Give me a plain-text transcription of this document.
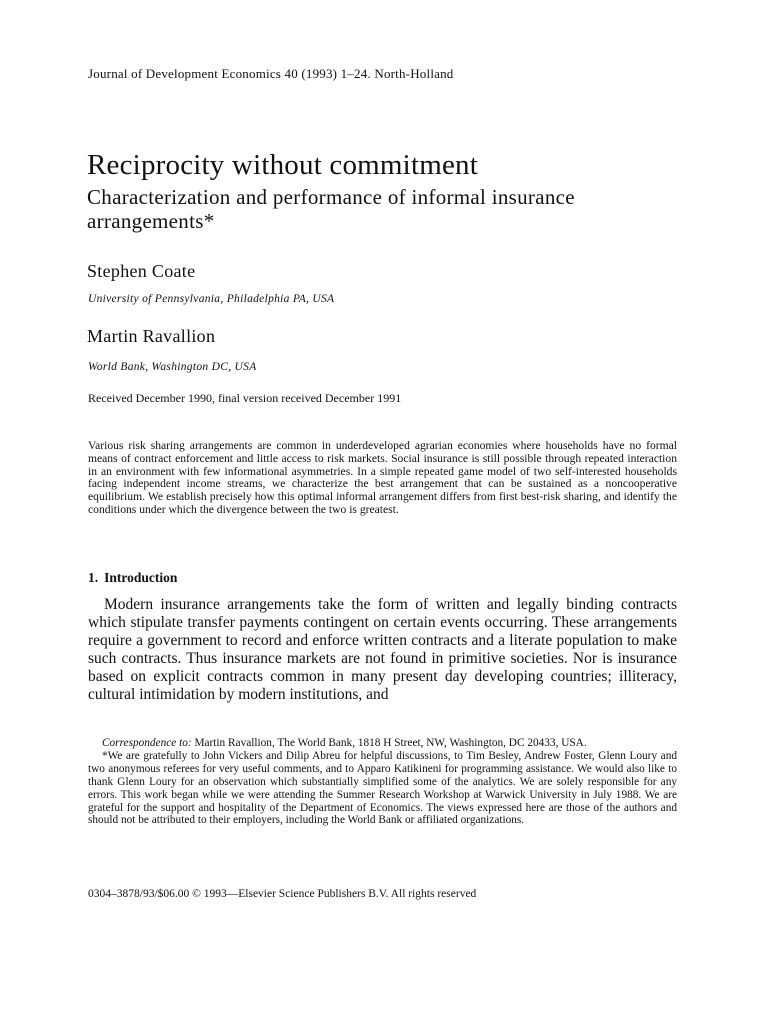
Journal of Development Economics 40 (1993) 1–24. North-Holland
Reciprocity without commitment
Characterization and performance of informal insurance arrangements*
Stephen Coate
University of Pennsylvania, Philadelphia PA, USA
Martin Ravallion
World Bank, Washington DC, USA
Received December 1990, final version received December 1991
Various risk sharing arrangements are common in underdeveloped agrarian economies where households have no formal means of contract enforcement and little access to risk markets. Social insurance is still possible through repeated interaction in an environment with few informational asymmetries. In a simple repeated game model of two self-interested households facing independent income streams, we characterize the best arrangement that can be sustained as a noncooperative equilibrium. We establish precisely how this optimal informal arrangement differs from first best-risk sharing, and identify the conditions under which the divergence between the two is greatest.
1. Introduction
Modern insurance arrangements take the form of written and legally binding contracts which stipulate transfer payments contingent on certain events occurring. These arrangements require a government to record and enforce written contracts and a literate population to make such contracts. Thus insurance markets are not found in primitive societies. Nor is insurance based on explicit contracts common in many present day developing countries; illiteracy, cultural intimidation by modern institutions, and

Correspondence to: Martin Ravallion, The World Bank, 1818 H Street, NW, Washington, DC 20433, USA.

*We are gratefully to John Vickers and Dilip Abreu for helpful discussions, to Tim Besley, Andrew Foster, Glenn Loury and two anonymous referees for very useful comments, and to Apparo Katikineni for programming assistance. We would also like to thank Glenn Loury for an observation which substantially simplified some of the analytics. We are solely responsible for any errors. This work began while we were attending the Summer Research Workshop at Warwick University in July 1988. We are grateful for the support and hospitality of the Department of Economics. The views expressed here are those of the authors and should not be attributed to their employers, including the World Bank or affiliated organizations.

0304–3878/93/$06.00 © 1993—Elsevier Science Publishers B.V. All rights reserved
